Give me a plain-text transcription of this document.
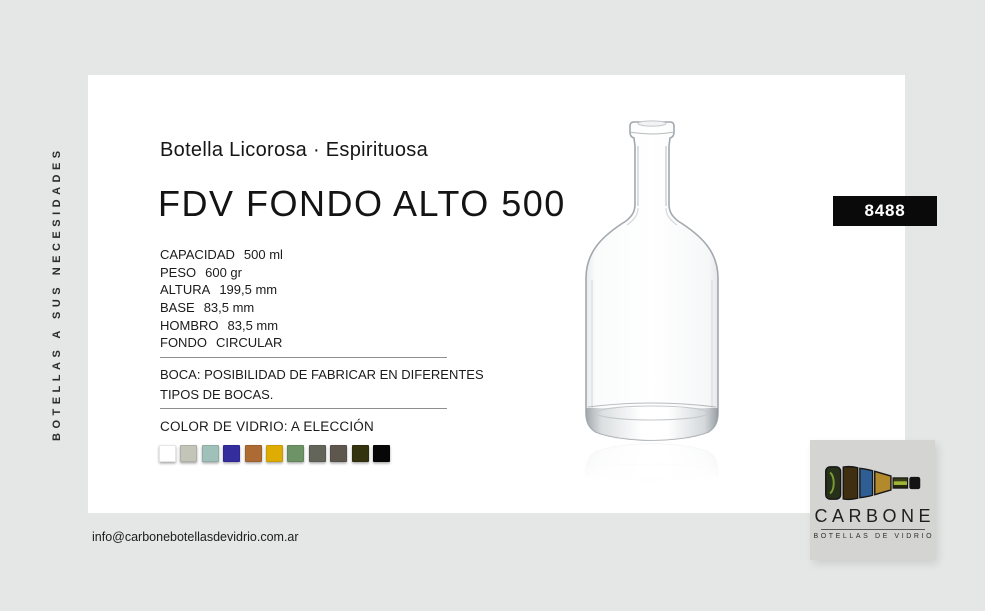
BOTELLAS A SUS NECESIDADES	Botella Licorosa · Espirituosa
FDV FONDO ALTO 500
CAPACIDAD 500 ml
PESO 600 gr
ALTURA 199,5 mm
BASE 83,5 mm
HOMBRO 83,5 mm
FONDO CIRCULAR
BOCA: POSIBILIDAD DE FABRICAR EN DIFERENTES
TIPOS DE BOCAS.
COLOR DE VIDRIO: A ELECCIÓN
8488
info@carbonebotellasdevidrio.com.ar
CARBONE
BOTELLAS DE VIDRIO
